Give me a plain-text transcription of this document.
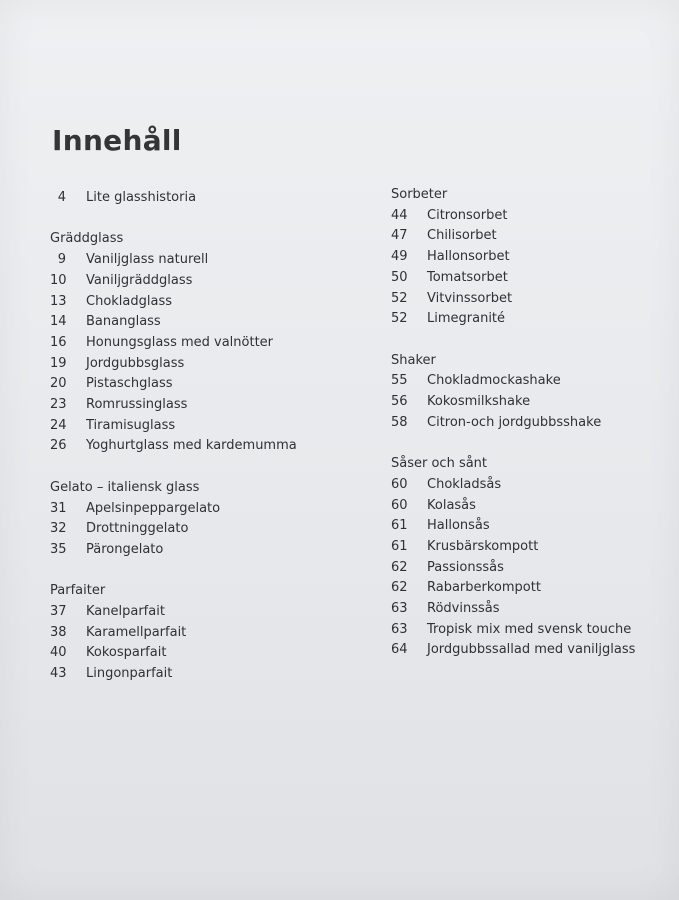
Innehåll
4 Lite glasshistoria
Gräddglass
9 Vaniljglass naturell
10	Vaniljgräddglass
13	Chokladglass
14	Bananglass
16	Honungsglass med valnötter
19	Jordgubbsglass
20	Pistaschglass
23	Romrussinglass
24	Tiramisuglass
26	Yoghurtglass med kardemumma
Gelato – italiensk glass
31	Apelsinpeppargelato
32	Drottninggelato
35	Pärongelato
Parfaiter
37	Kanelparfait
38	Karamellparfait
40	Kokosparfait
43	Lingonparfait
Sorbeter
44	Citronsorbet
47	Chilisorbet
49	Hallonsorbet
50	Tomatsorbet
52	Vitvinssorbet
52	Limegranité
Shaker
55	Chokladmockashake
56	Kokosmilkshake
58	Citron-och jordgubbsshake
Såser och sånt
60	Chokladsås
60	Kolasås
61	Hallonsås
61	Krusbärskompott
62	Passionssås
62	Rabarberkompott
63	Rödvinssås
63	Tropisk mix med svensk touche
64	Jordgubbssallad med vaniljglass
